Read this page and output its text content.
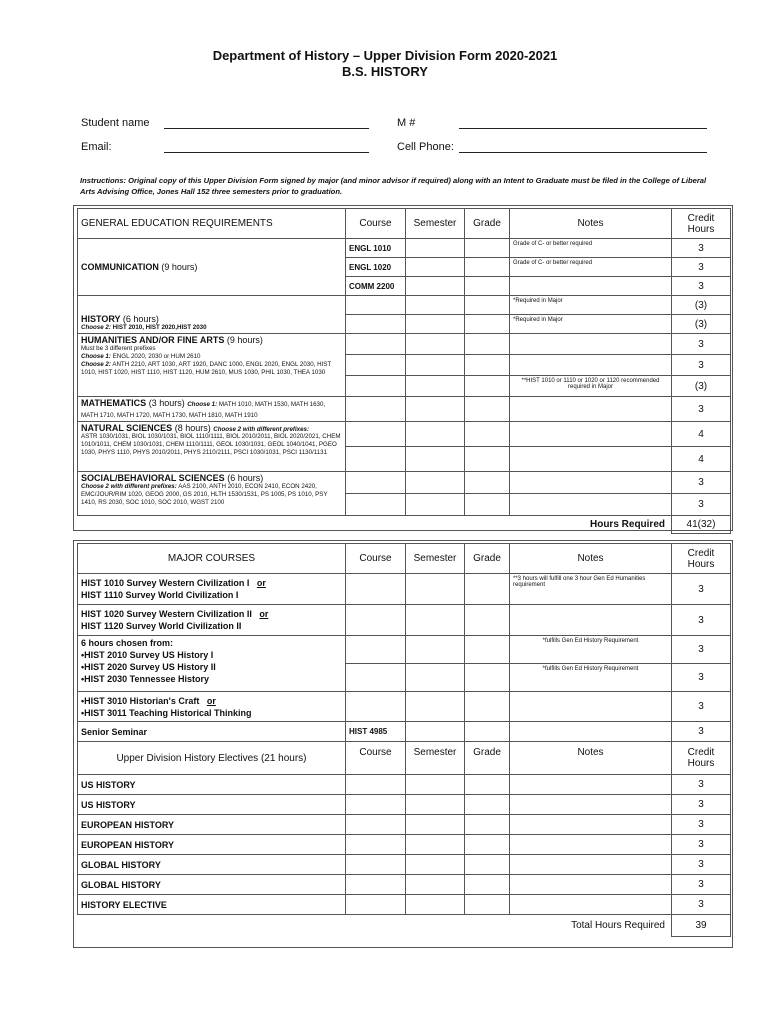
Department of History – Upper Division Form 2020-2021
B.S. HISTORY
Student name	M #
Email:	Cell Phone:
Instructions: Original copy of this Upper Division Form signed by major (and minor advisor if required) along with an Intent to Graduate must be filed in the College of Liberal Arts Advising Office, Jones Hall 152 three semesters prior to graduation.
GENERAL EDUCATION REQUIREMENTS	Course	Semester	Grade	Notes	Credit Hours
COMMUNICATION (9 hours)	ENGL 1010			Grade of C- or better required	3
	ENGL 1020			Grade of C- or better required	3
	COMM 2200				3
HISTORY (6 hours)
Choose 2: HIST 2010, HIST 2020,HIST 2030				*Required in Major	(3)
				*Required in Major	(3)
HUMANITIES AND/OR FINE ARTS (9 hours)
Must be 3 different prefixes
Choose 1: ENGL 2020, 2030 or HUM 2610
Choose 2: ANTH 2210, ART 1030, ART 1920, DANC 1000, ENGL 2020, ENGL 2030, HIST 1010, HIST 1020, HIST 1110, HIST 1120, HUM 2610, MUS 1030, PHIL 1030, THEA 1030					3
					3
				**HIST 1010 or 1110 or 1020 or 1120 recommended required in Major	(3)
MATHEMATICS (3 hours) Choose 1: MATH 1010, MATH 1530, MATH 1630, MATH 1710, MATH 1720, MATH 1730, MATH 1810, MATH 1910					3
NATURAL SCIENCES (8 hours) Choose 2 with different prefixes:
ASTR 1030/1031, BIOL 1030/1031, BIOL 1110/1111, BIOL 2010/2011, BIOL 2020/2021, CHEM 1010/1011, CHEM 1030/1031, CHEM 1110/1111, GEOL 1030/1031, GEOL 1040/1041, PGEO 1030, PHYS 1110, PHYS 2010/2011, PHYS 2110/2111, PSCI 1030/1031, PSCI 1130/1131					4
					4
SOCIAL/BEHAVIORAL SCIENCES (6 hours)
Choose 2 with different prefixes: AAS 2100, ANTH 2010, ECON 2410, ECON 2420, EMC/JOUR/RIM 1020, GEOG 2000, GS 2010, HLTH 1530/1531, PS 1005, PS 1010, PSY 1410, RS 2030, SOC 1010, SOC 2010, WGST 2100					3
					3
Hours Required					41(32)
MAJOR COURSES	Course	Semester	Grade	Notes	Credit Hours
HIST 1010 Survey Western Civilization I or
HIST 1110 Survey World Civilization I				**3 hours will fulfill one 3 hour Gen Ed Humanities requirement	3
HIST 1020 Survey Western Civilization II or
HIST 1120 Survey World Civilization II					3
6 hours chosen from:
•HIST 2010 Survey US History I
•HIST 2020 Survey US History II
•HIST 2030 Tennessee History				*fulfills Gen Ed History Requirement	3
				*fulfills Gen Ed History Requirement	3
•HIST 3010 Historian's Craft or
•HIST 3011 Teaching Historical Thinking					3
Senior Seminar	HIST 4985				3
Upper Division History Electives (21 hours)	Course	Semester	Grade	Notes	Credit Hours
US HISTORY					3
US HISTORY					3
EUROPEAN HISTORY					3
EUROPEAN HISTORY					3
GLOBAL HISTORY					3
GLOBAL HISTORY					3
HISTORY ELECTIVE					3
Total Hours Required					39
